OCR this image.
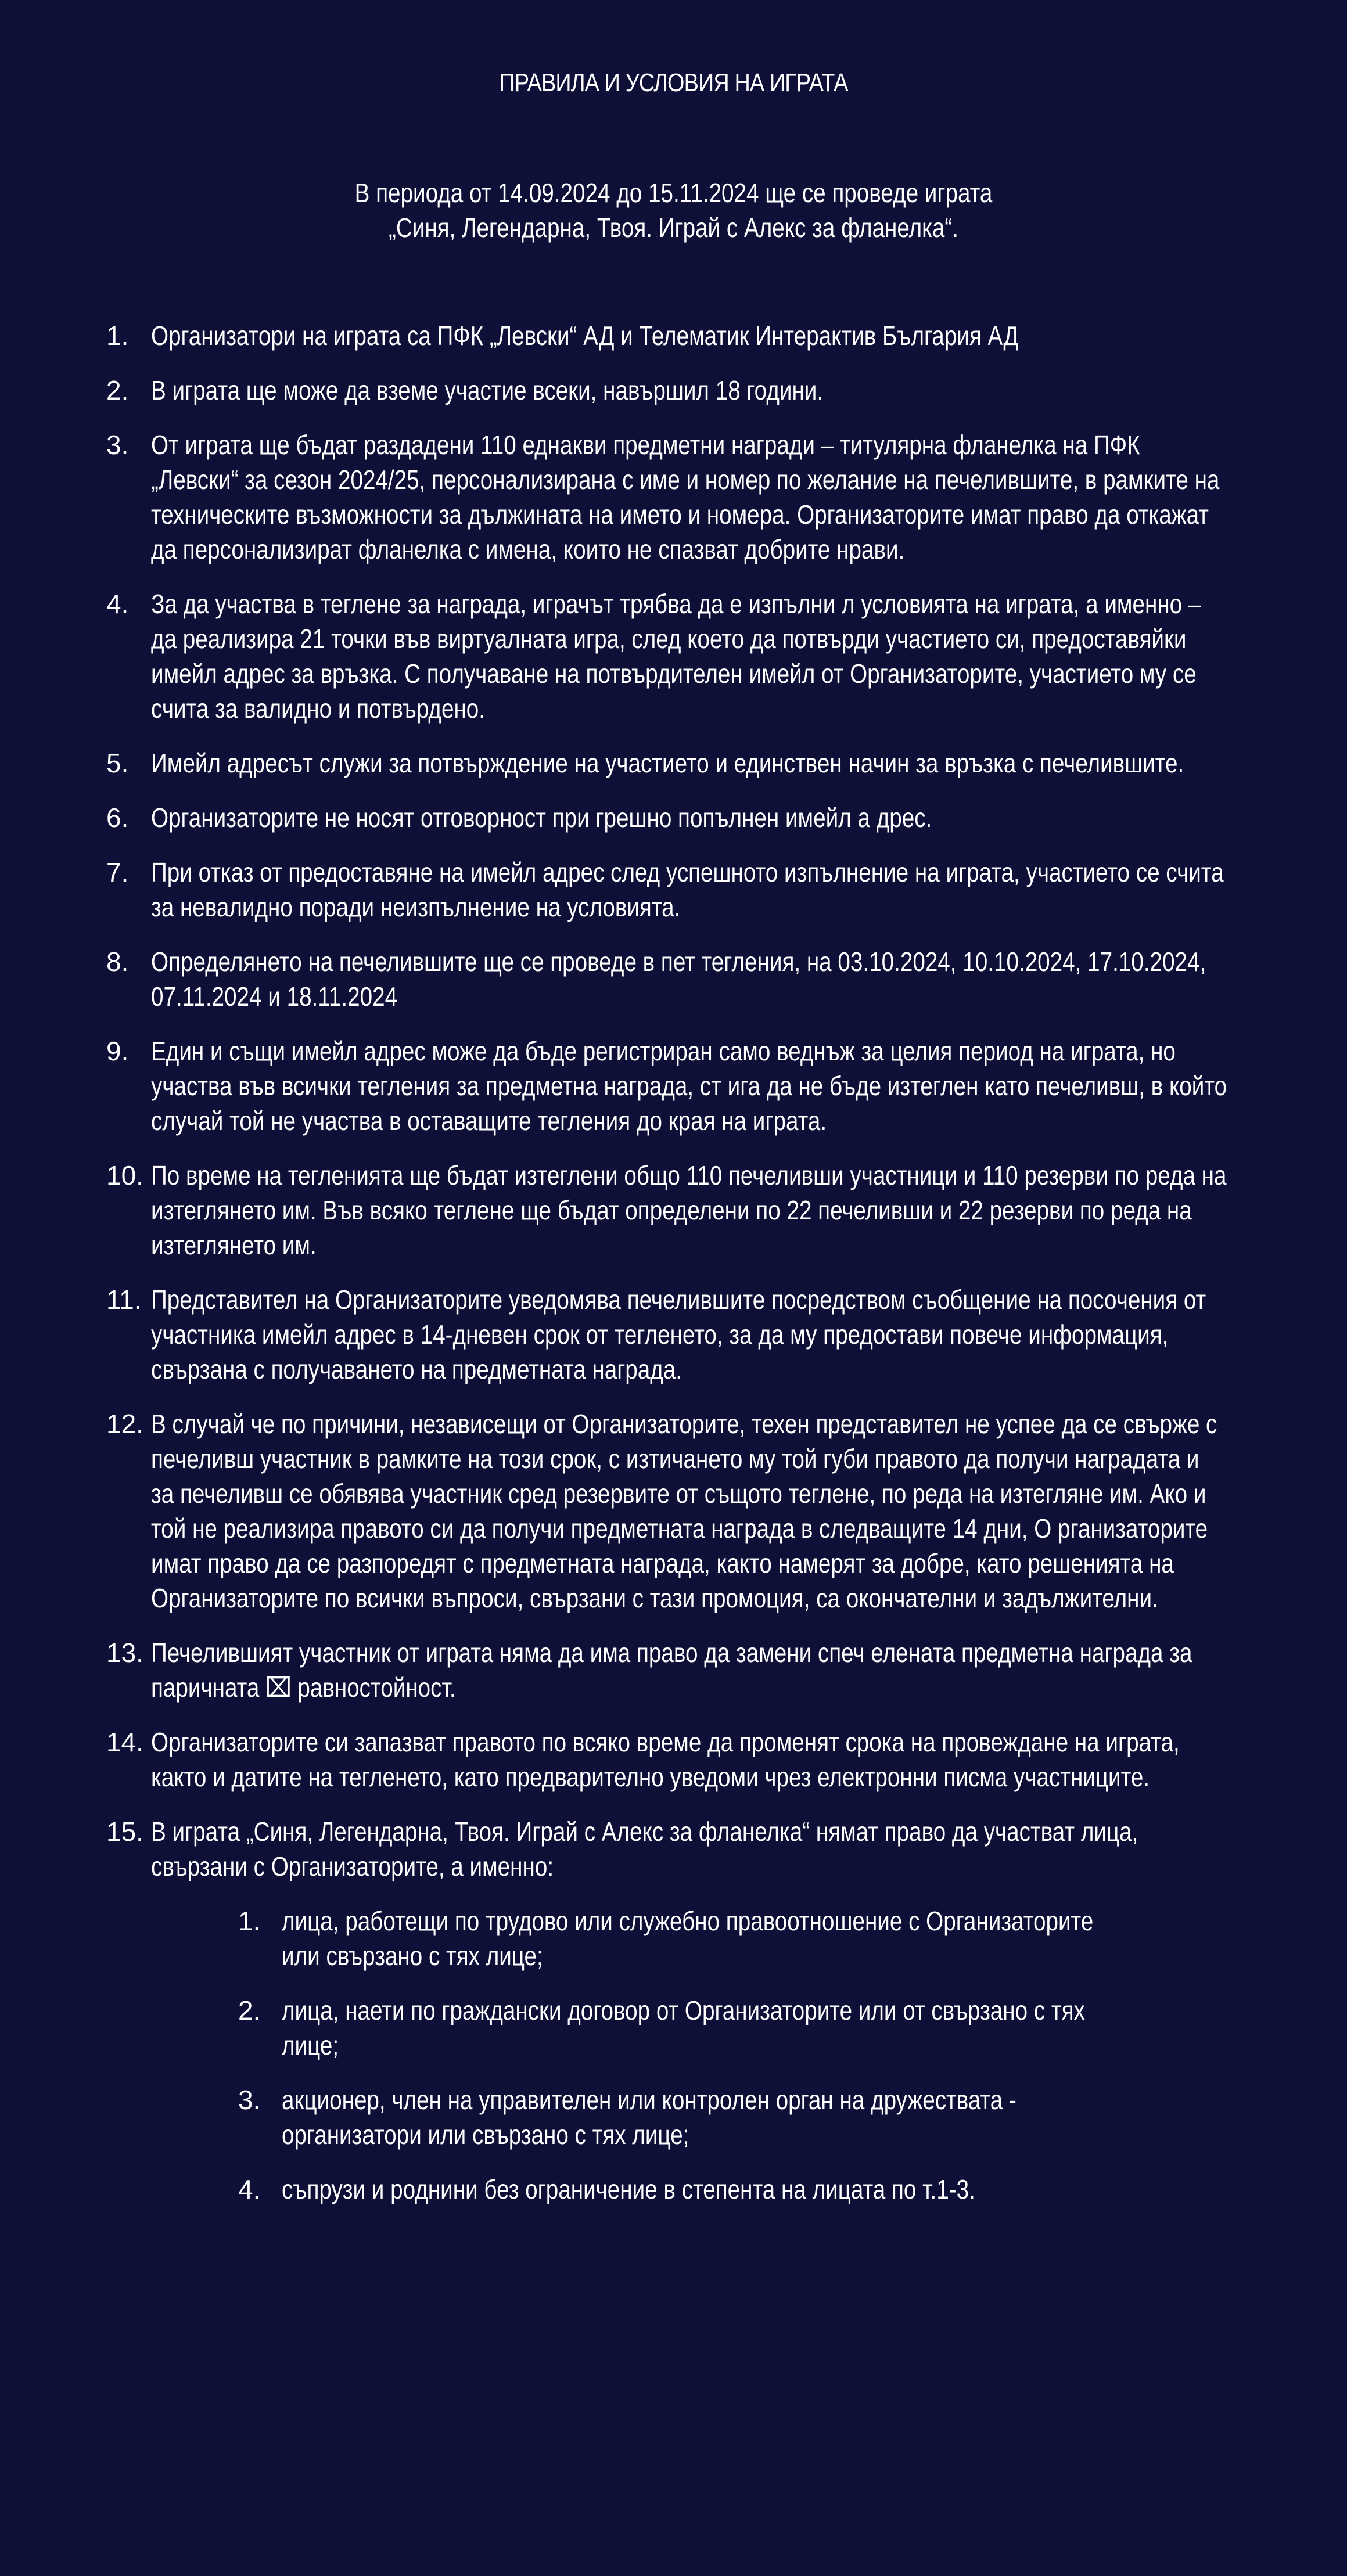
ПРАВИЛА И УСЛОВИЯ НА ИГРАТА
В периода от 14.09.2024 до 15.11.2024 ще се проведе играта
„Синя, Легендарна, Твоя. Играй с Алекс за фланелка“.
1. Организатори на играта са ПФК „Левски“ АД и Телематик Интерактив България АД
2. В играта ще може да вземе участие всеки, навършил 18 години.
3. От играта ще бъдат раздадени 110 еднакви предметни награди – титулярна фланелка на ПФК „Левски“ за сезон 2024/25, персонализирана с име и номер по желание на печелившите, в рамките на техническите възможности за дължината на името и номера. Организаторите имат право да откажат да персонализират фланелка с имена, които не спазват добрите нрави.
4. За да участва в теглене за награда, играчът трябва да е изпълни л условията на играта, а именно – да реализира 21 точки във виртуалната игра, след което да потвърди участието си, предоставяйки имейл адрес за връзка. С получаване на потвърдителен имейл от Организаторите, участието му се счита за валидно и потвърдено.
5. Имейл адресът служи за потвърждение на участието и единствен начин за връзка с печелившите.
6. Организаторите не носят отговорност при грешно попълнен имейл а дрес.
7. При отказ от предоставяне на имейл адрес след успешното изпълнение на играта, участието се счита за невалидно поради неизпълнение на условията.
8. Определянето на печелившите ще се проведе в пет тегления, на 03.10.2024, 10.10.2024, 17.10.2024, 07.11.2024 и 18.11.2024
9. Един и същи имейл адрес може да бъде регистриран само веднъж за целия период на играта, но участва във всички тегления за предметна награда, ст ига да не бъде изтеглен като печеливш, в който случай той не участва в оставащите тегления до края на играта.
10. По време на тегленията ще бъдат изтеглени общо 110 печеливши участници и 110 резерви по реда на изтеглянето им. Във всяко теглене ще бъдат определени по 22 печеливши и 22 резерви по реда на изтеглянето им.
11. Представител на Организаторите уведомява печелившите посредством съобщение на посочения от участника имейл адрес в 14-дневен срок от тегленето, за да му предостави повече информация, свързана с получаването на предметната награда.
12. В случай че по причини, независещи от Организаторите, техен представител не успее да се свърже с печеливш участник в рамките на този срок, с изтичането му той губи правото да получи наградата и за печеливш се обявява участник сред резервите от същото теглене, по реда на изтегляне им. Ако и той не реализира правото си да получи предметната награда в следващите 14 дни, О рганизаторите имат право да се разпоредят с предметната награда, както намерят за добре, като решенията на Организаторите по всички въпроси, свързани с тази промоция, са окончателни и задължителни.
13. Печелившият участник от играта няма да има право да замени спеч елената предметна награда за паричната ⌧ равностойност.
14. Организаторите си запазват правото по всяко време да променят срока на провеждане на играта, както и датите на тегленето, като предварително уведоми чрез електронни писма участниците.
15. В играта „Синя, Легендарна, Твоя. Играй с Алекс за фланелка“ нямат право да участват лица, свързани с Организаторите, а именно:
1. лица, работещи по трудово или служебно правоотношение с Организаторите или свързано с тях лице;
2. лица, наети по граждански договор от Организаторите или от свързано с тях лице;
3. акционер, член на управителен или контролен орган на дружествата - организатори или свързано с тях лице;
4. съпрузи и роднини без ограничение в степента на лицата по т.1-3.
